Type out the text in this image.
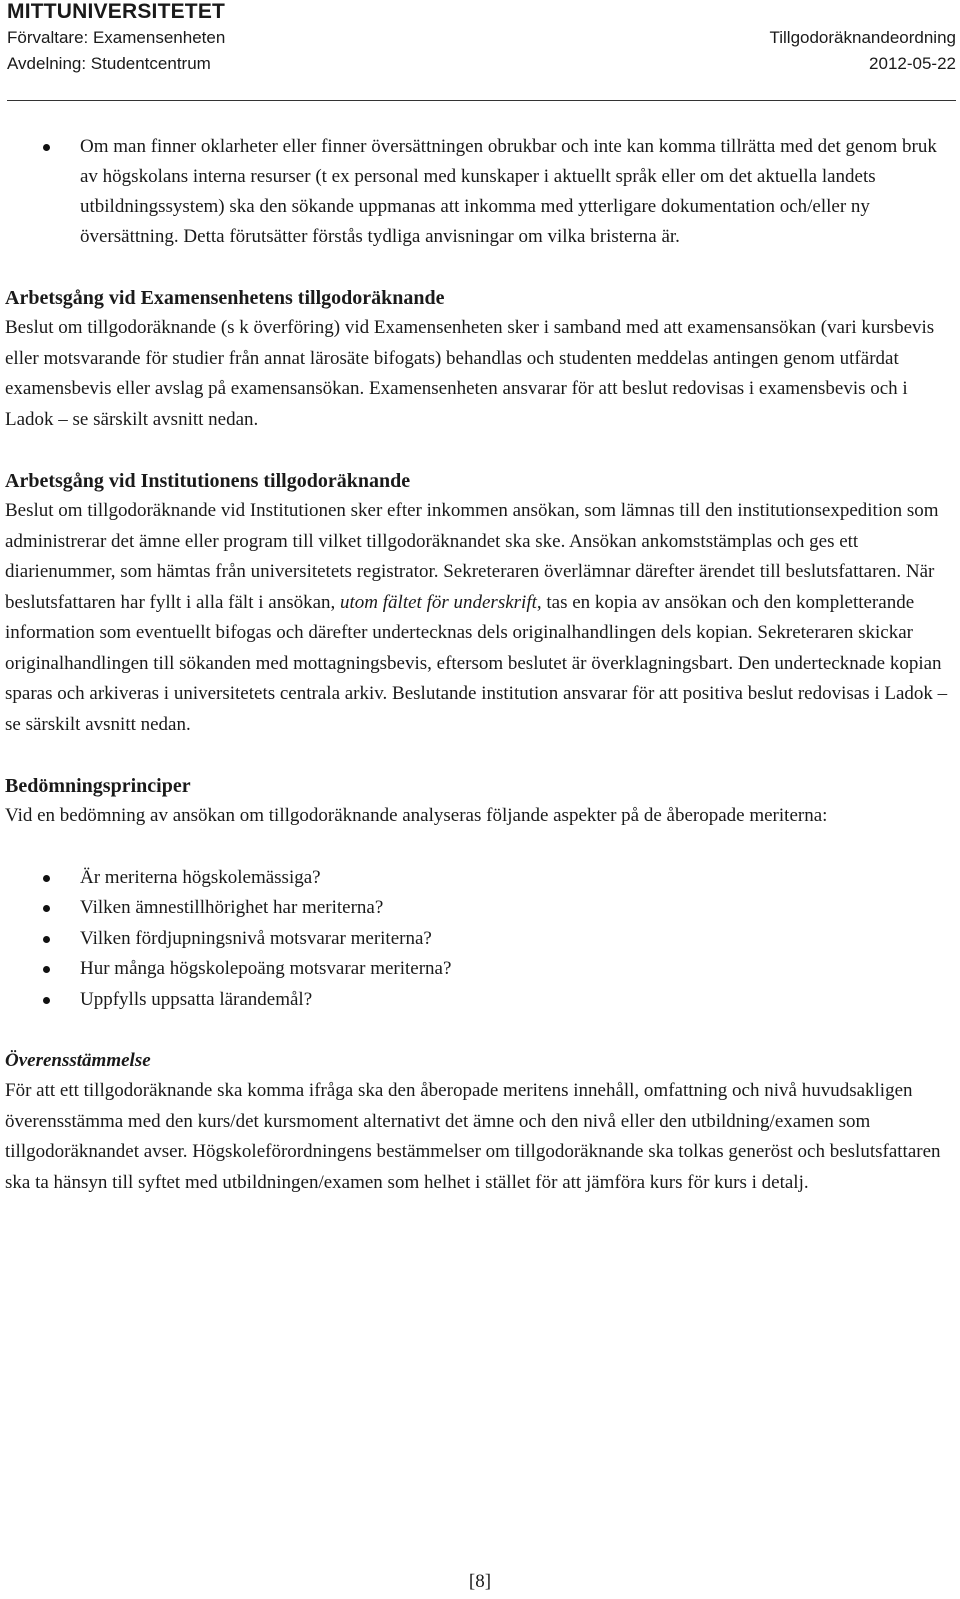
MITTUNIVERSITETET
Förvaltare: Examensenheten
Avdelning: Studentcentrum
Tillgodoräknandeordning
2012-05-22
Om man finner oklarheter eller finner översättningen obrukbar och inte kan komma tillrätta med det genom bruk av högskolans interna resurser (t ex personal med kunskaper i aktuellt språk eller om det aktuella landets utbildningssystem) ska den sökande uppmanas att inkomma med ytterligare dokumentation och/eller ny översättning. Detta förutsätter förstås tydliga anvisningar om vilka bristerna är.
Arbetsgång vid Examensenhetens tillgodoräknande

Beslut om tillgodoräknande (s k överföring) vid Examensenheten sker i samband med att examensansökan (vari kursbevis eller motsvarande för studier från annat lärosäte bifogats) behandlas och studenten meddelas antingen genom utfärdat examensbevis eller avslag på examensansökan. Examensenheten ansvarar för att beslut redovisas i examensbevis och i Ladok – se särskilt avsnitt nedan.

Arbetsgång vid Institutionens tillgodoräknande

Beslut om tillgodoräknande vid Institutionen sker efter inkommen ansökan, som lämnas till den institutionsexpedition som administrerar det ämne eller program till vilket tillgodoräknandet ska ske. Ansökan ankomststämplas och ges ett diarienummer, som hämtas från universitetets registrator. Sekreteraren överlämnar därefter ärendet till beslutsfattaren. När beslutsfattaren har fyllt i alla fält i ansökan, utom fältet för underskrift, tas en kopia av ansökan och den kompletterande information som eventuellt bifogas och därefter undertecknas dels originalhandlingen dels kopian. Sekreteraren skickar originalhandlingen till sökanden med mottagningsbevis, eftersom beslutet är överklagningsbart. Den undertecknade kopian sparas och arkiveras i universitetets centrala arkiv. Beslutande institution ansvarar för att positiva beslut redovisas i Ladok – se särskilt avsnitt nedan.

Bedömningsprinciper

Vid en bedömning av ansökan om tillgodoräknande analyseras följande aspekter på de åberopade meriterna:

Är meriterna högskolemässiga?
Vilken ämnestillhörighet har meriterna?
Vilken fördjupningsnivå motsvarar meriterna?
Hur många högskolepoäng motsvarar meriterna?
Uppfylls uppsatta lärandemål?
Överensstämmelse

För att ett tillgodoräknande ska komma ifråga ska den åberopade meritens innehåll, omfattning och nivå huvudsakligen överensstämma med den kurs/det kursmoment alternativt det ämne och den nivå eller den utbildning/examen som tillgodoräknandet avser. Högskoleförordningens bestämmelser om tillgodoräknande ska tolkas generöst och beslutsfattaren ska ta hänsyn till syftet med utbildningen/examen som helhet i stället för att jämföra kurs för kurs i detalj.

[8]
